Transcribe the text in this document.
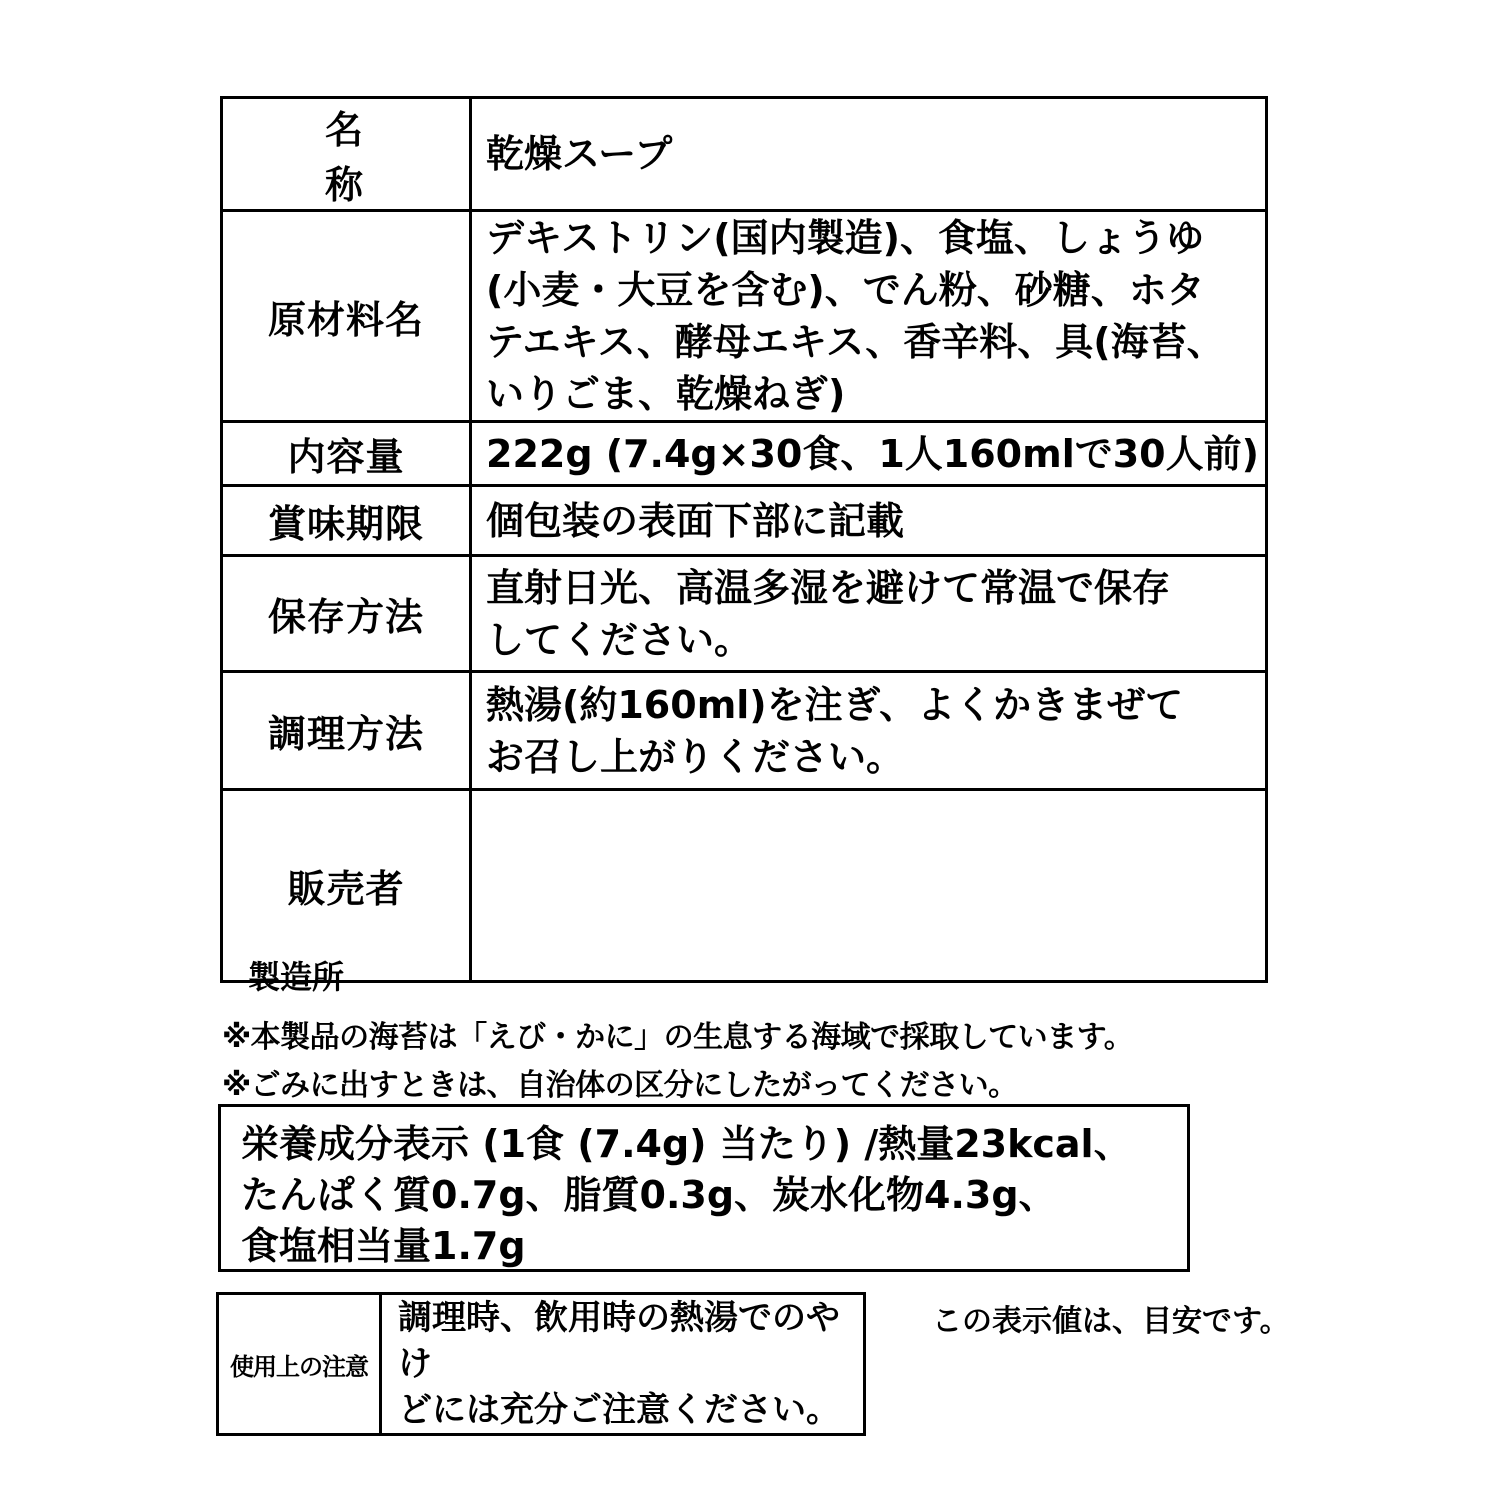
名　称	乾燥スープ
原材料名	デキストリン(国内製造)、食塩、しょうゆ
(小麦・大豆を含む)、でん粉、砂糖、ホタ
テエキス、酵母エキス、香辛料、具(海苔、
いりごま、乾燥ねぎ)
内容量	222g (7.4g×30食、1人160mlで30人前)
賞味期限	個包装の表面下部に記載
保存方法	直射日光、高温多湿を避けて常温で保存
してください。
調理方法	熱湯(約160ml)を注ぎ、よくかきまぜて
お召し上がりください。
販売者	
製造所
※本製品の海苔は「えび・かに」の生息する海域で採取しています。
※ごみに出すときは、自治体の区分にしたがってください。
栄養成分表示 (1食 (7.4g) 当たり) /熱量23kcal、
たんぱく質0.7g、脂質0.3g、炭水化物4.3g、
食塩相当量1.7g
使用上の注意	調理時、飲用時の熱湯でのやけ
どには充分ご注意ください。
この表示値は、目安です。
